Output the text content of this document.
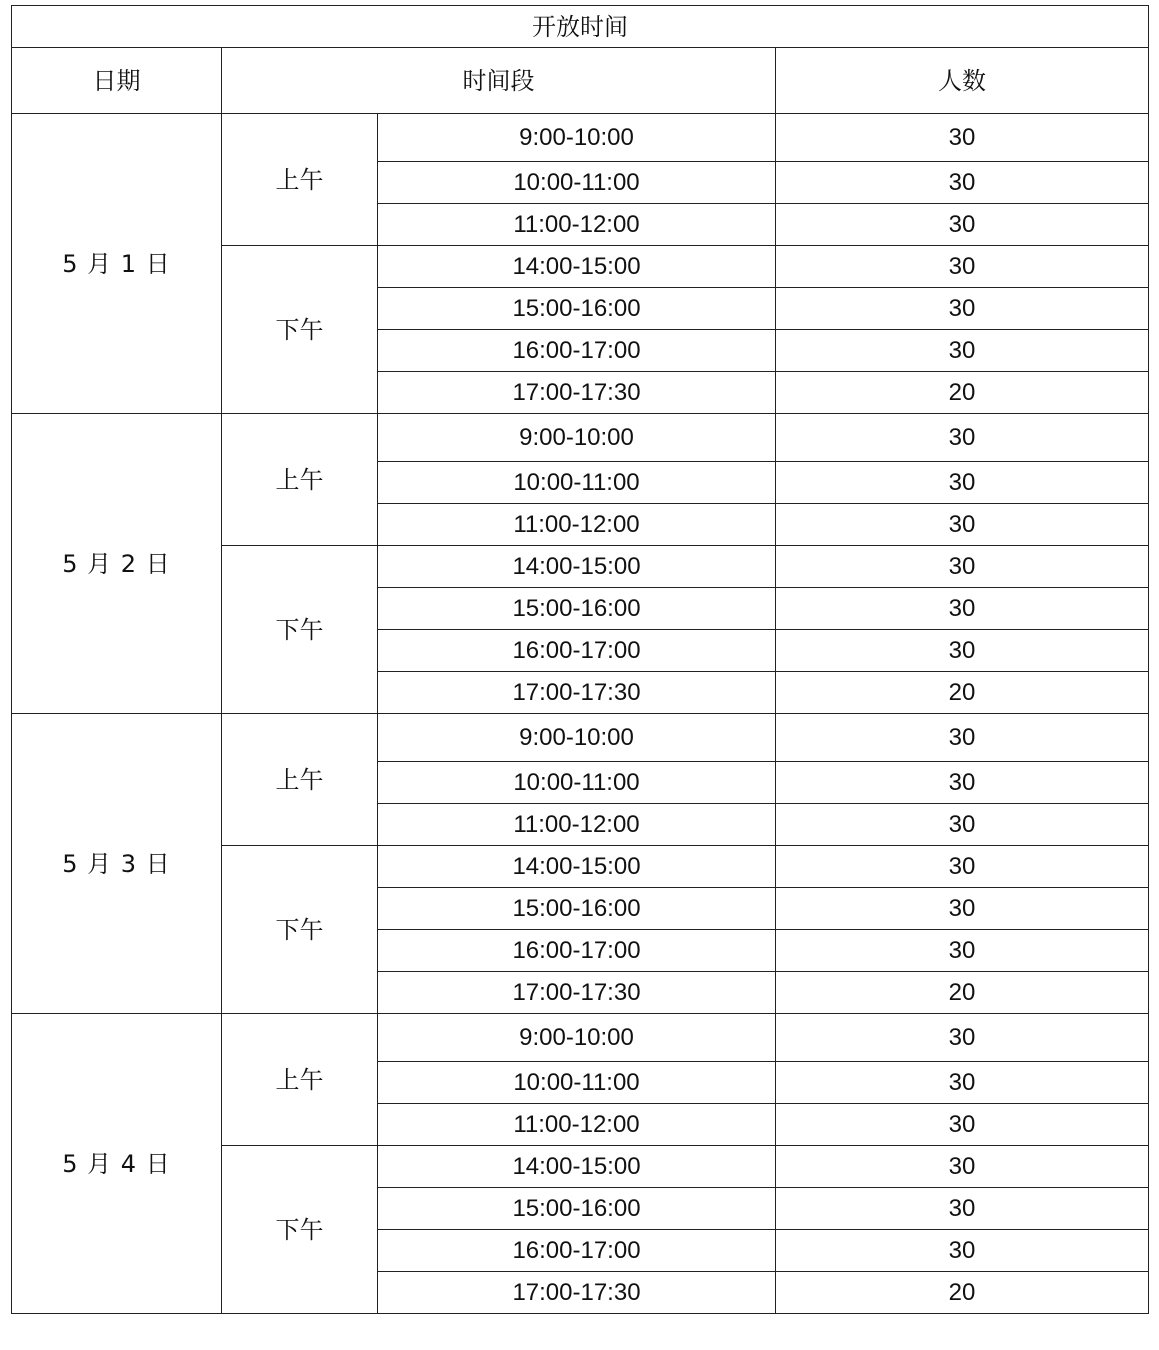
开放时间			
日期	时间段		人数
5 月 1 日	上午	9:00-10:00	30
		10:00-11:00	30
		11:00-12:00	30
	下午	14:00-15:00	30
		15:00-16:00	30
		16:00-17:00	30
		17:00-17:30	20
5 月 2 日	上午	9:00-10:00	30
		10:00-11:00	30
		11:00-12:00	30
	下午	14:00-15:00	30
		15:00-16:00	30
		16:00-17:00	30
		17:00-17:30	20
5 月 3 日	上午	9:00-10:00	30
		10:00-11:00	30
		11:00-12:00	30
	下午	14:00-15:00	30
		15:00-16:00	30
		16:00-17:00	30
		17:00-17:30	20
5 月 4 日	上午	9:00-10:00	30
		10:00-11:00	30
		11:00-12:00	30
	下午	14:00-15:00	30
		15:00-16:00	30
		16:00-17:00	30
		17:00-17:30	20
